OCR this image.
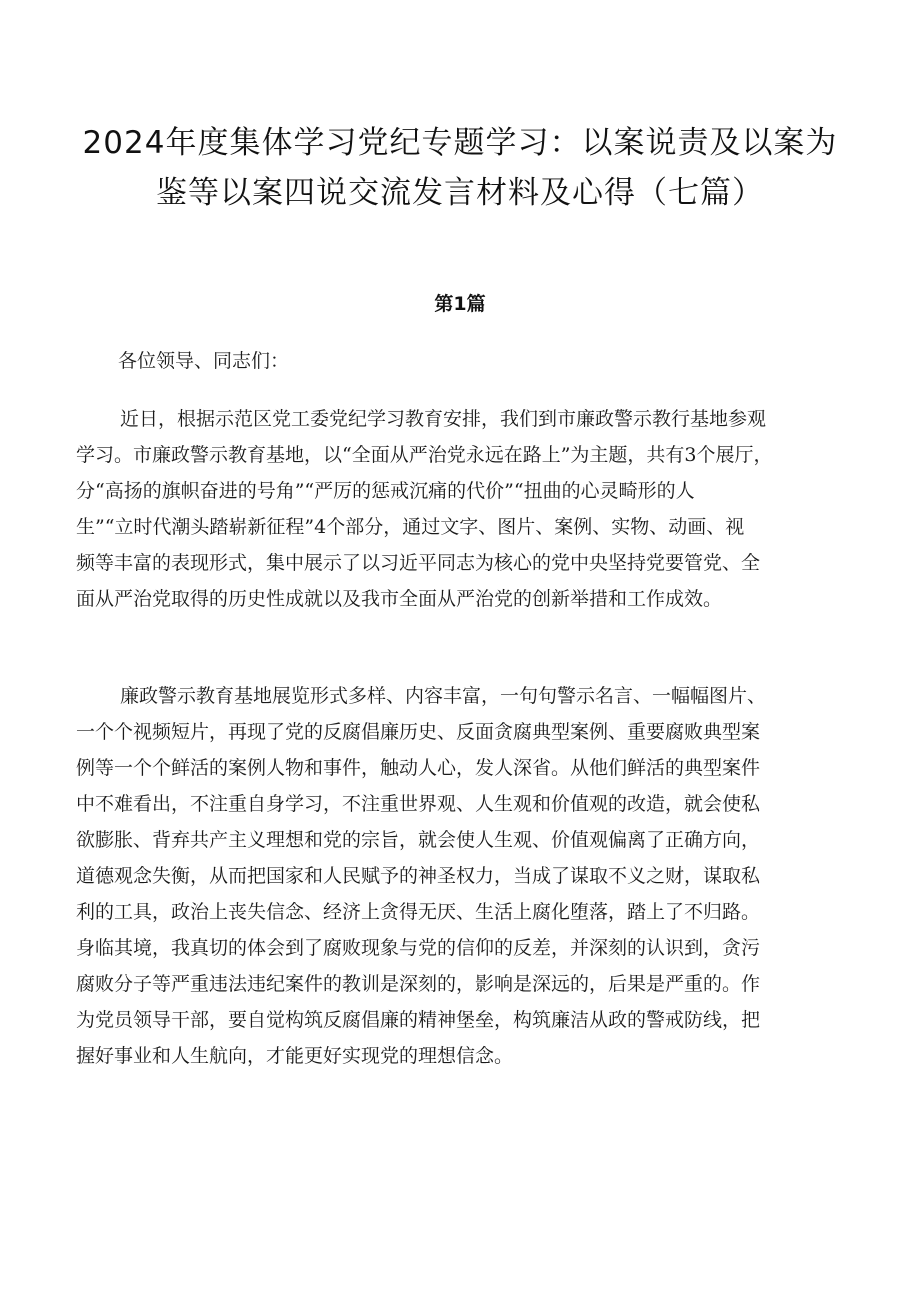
2024年度集体学习党纪专题学习：以案说责及以案为
鉴等以案四说交流发言材料及心得（七篇）
第1篇
各位领导、同志们：
近日，根据示范区党工委党纪学习教育安排，我们到市廉政警示教行基地参观
学习。市廉政警示教育基地，以“全面从严治党永远在路上”为主题，共有3个展厅，
分“高扬的旗帜奋进的号角”“严厉的惩戒沉痛的代价”“扭曲的心灵畸形的人
生”“立时代潮头踏崭新征程”4个部分，通过文字、图片、案例、实物、动画、视
频等丰富的表现形式，集中展示了以习近平同志为核心的党中央坚持党要管党、全
面从严治党取得的历史性成就以及我市全面从严治党的创新举措和工作成效。
廉政警示教育基地展览形式多样、内容丰富，一句句警示名言、一幅幅图片、
一个个视频短片，再现了党的反腐倡廉历史、反面贪腐典型案例、重要腐败典型案
例等一个个鲜活的案例人物和事件，触动人心，发人深省。从他们鲜活的典型案件
中不难看出，不注重自身学习，不注重世界观、人生观和价值观的改造，就会使私
欲膨胀、背弃共产主义理想和党的宗旨，就会使人生观、价值观偏离了正确方向，
道德观念失衡，从而把国家和人民赋予的神圣权力，当成了谋取不义之财，谋取私
利的工具，政治上丧失信念、经济上贪得无厌、生活上腐化堕落，踏上了不归路。
身临其境，我真切的体会到了腐败现象与党的信仰的反差，并深刻的认识到，贪污
腐败分子等严重违法违纪案件的教训是深刻的，影响是深远的，后果是严重的。作
为党员领导干部，要自觉构筑反腐倡廉的精神堡垒，构筑廉洁从政的警戒防线，把
握好事业和人生航向，才能更好实现党的理想信念。
